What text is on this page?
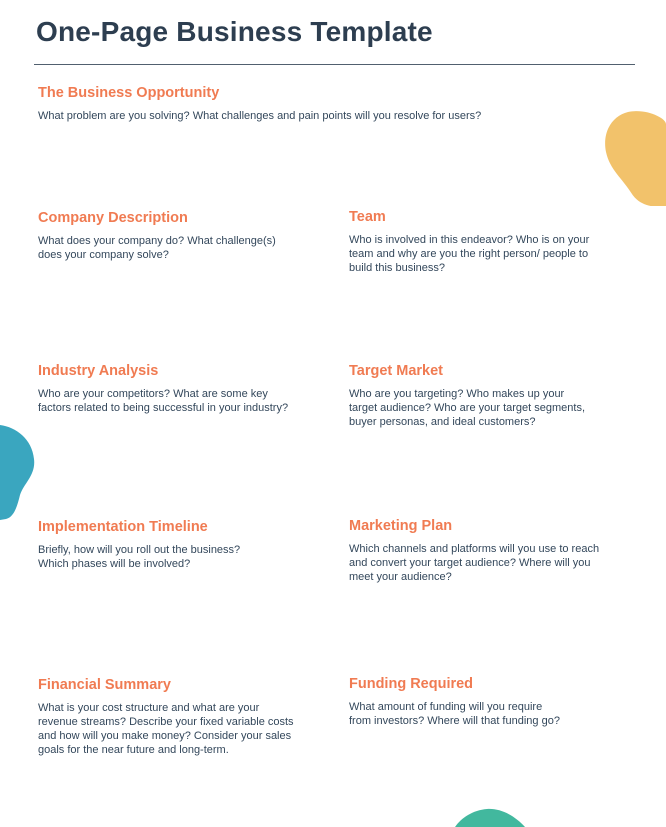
One-Page Business Template
The Business Opportunity

What problem are you solving? What challenges and pain points will you resolve for users?

Company Description

What does your company do? What challenge(s)
does your company solve?

Team

Who is involved in this endeavor? Who is on your
team and why are you the right person/ people to
build this business?

Industry Analysis

Who are your competitors? What are some key
factors related to being successful in your industry?

Target Market

Who are you targeting? Who makes up your
target audience? Who are your target segments,
buyer personas, and ideal customers?

Implementation Timeline

Briefly, how will you roll out the business?
Which phases will be involved?

Marketing Plan

Which channels and platforms will you use to reach
and convert your target audience? Where will you
meet your audience?

Financial Summary

What is your cost structure and what are your
revenue streams? Describe your fixed variable costs
and how will you make money? Consider your sales
goals for the near future and long-term.

Funding Required

What amount of funding will you require
from investors? Where will that funding go?
